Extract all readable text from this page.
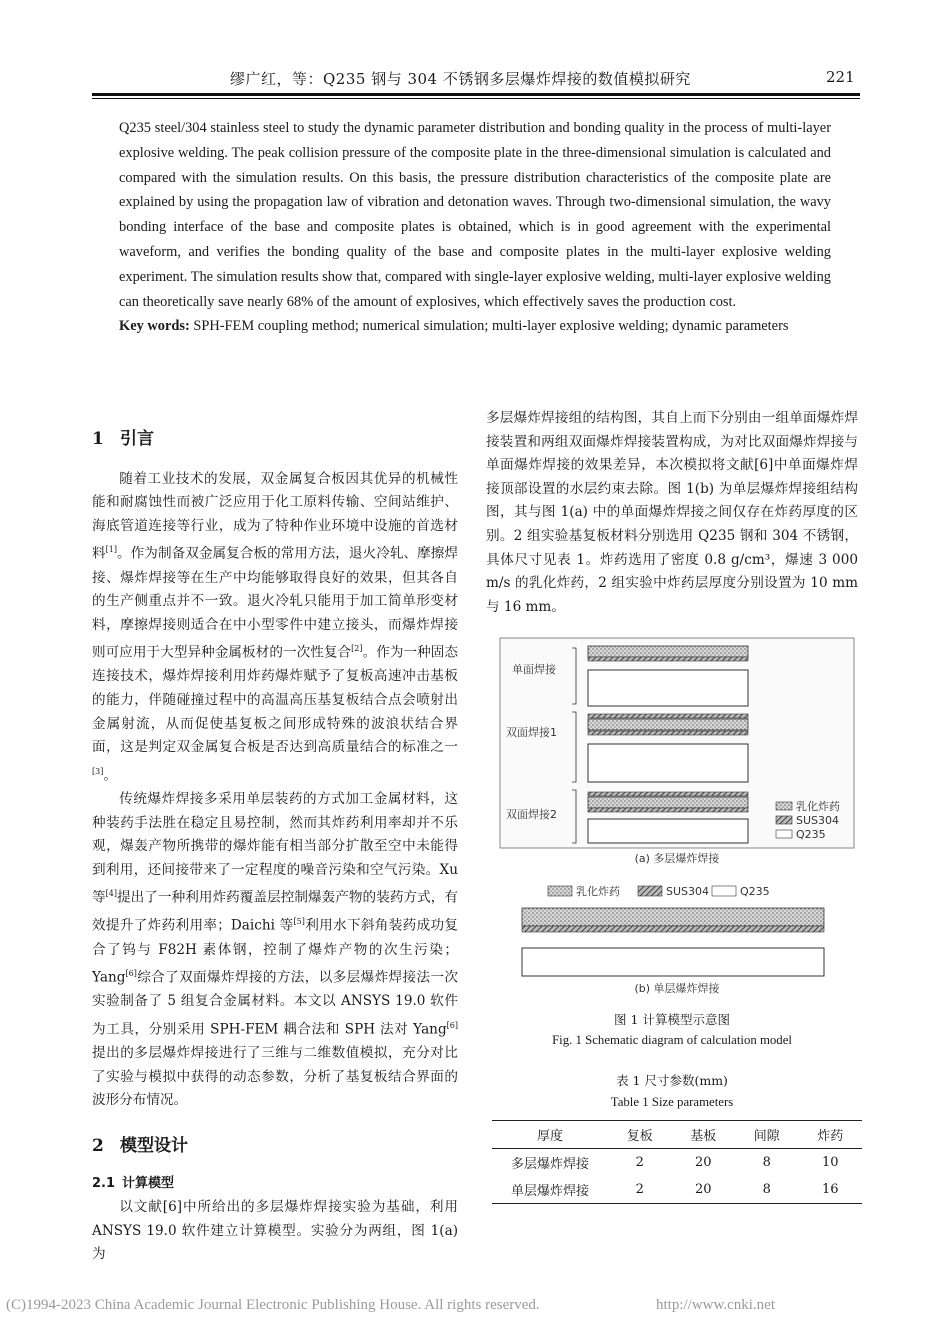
缪广红，等：Q235 钢与 304 不锈钢多层爆炸焊接的数值模拟研究	221
Q235 steel/304 stainless steel to study the dynamic parameter distribution and bonding quality in the process of multi-layer explosive welding. The peak collision pressure of the composite plate in the three-dimensional simulation is calculated and compared with the simulation results. On this basis, the pressure distribution characteristics of the composite plate are explained by using the propagation law of vibration and detonation waves. Through two-dimensional simulation, the wavy bonding interface of the base and composite plates is obtained, which is in good agreement with the experimental waveform, and verifies the bonding quality of the base and composite plates in the multi-layer explosive welding experiment. The simulation results show that, compared with single-layer explosive welding, multi-layer explosive welding can theoretically save nearly 68% of the amount of explosives, which effectively saves the production cost.
Key words: SPH-FEM coupling method; numerical simulation; multi-layer explosive welding; dynamic parameters
1 引言

随着工业技术的发展，双金属复合板因其优异的机械性能和耐腐蚀性而被广泛应用于化工原料传输、空间站维护、海底管道连接等行业，成为了特种作业环境中设施的首选材料[1]。作为制备双金属复合板的常用方法，退火冷轧、摩擦焊接、爆炸焊接等在生产中均能够取得良好的效果，但其各自的生产侧重点并不一致。退火冷轧只能用于加工简单形变材料，摩擦焊接则适合在中小型零件中建立接头，而爆炸焊接则可应用于大型异种金属板材的一次性复合[2]。作为一种固态连接技术，爆炸焊接利用炸药爆炸赋予了复板高速冲击基板的能力，伴随碰撞过程中的高温高压基复板结合点会喷射出金属射流，从而促使基复板之间形成特殊的波浪状结合界面，这是判定双金属复合板是否达到高质量结合的标准之一[3]。

传统爆炸焊接多采用单层装药的方式加工金属材料，这种装药手法胜在稳定且易控制，然而其炸药利用率却并不乐观，爆轰产物所携带的爆炸能有相当部分扩散至空中未能得到利用，还间接带来了一定程度的噪音污染和空气污染。Xu 等[4]提出了一种利用炸药覆盖层控制爆轰产物的装药方式，有效提升了炸药利用率；Daichi 等[5]利用水下斜角装药成功复合了钨与 F82H 素体钢，控制了爆炸产物的次生污染；Yang[6]综合了双面爆炸焊接的方法，以多层爆炸焊接法一次实验制备了 5 组复合金属材料。本文以 ANSYS 19.0 软件为工具，分别采用 SPH-FEM 耦合法和 SPH 法对 Yang[6]提出的多层爆炸焊接进行了三维与二维数值模拟，充分对比了实验与模拟中获得的动态参数，分析了基复板结合界面的波形分布情况。

2 模型设计
2.1 计算模型

以文献[6]中所给出的多层爆炸焊接实验为基础，利用 ANSYS 19.0 软件建立计算模型。实验分为两组，图 1(a) 为

多层爆炸焊接组的结构图，其自上而下分别由一组单面爆炸焊接装置和两组双面爆炸焊接装置构成，为对比双面爆炸焊接与单面爆炸焊接的效果差异，本次模拟将文献[6]中单面爆炸焊接顶部设置的水层约束去除。图 1(b) 为单层爆炸焊接组结构图，其与图 1(a) 中的单面爆炸焊接之间仅存在炸药厚度的区别。2 组实验基复板材料分别选用 Q235 钢和 304 不锈钢，具体尺寸见表 1。炸药选用了密度 0.8 g/cm³，爆速 3 000 m/s 的乳化炸药，2 组实验中炸药层厚度分别设置为 10 mm 与 16 mm。

单面焊接
双面焊接1
双面焊接2
乳化炸药
SUS304
Q235
(a) 多层爆炸焊接
乳化炸药	SUS304	Q235
(b) 单层爆炸焊接
图 1 计算模型示意图
Fig. 1 Schematic diagram of calculation model
表 1 尺寸参数(mm)
Table 1 Size parameters
厚度	复板	基板	间隙	炸药
多层爆炸焊接	2	20	8	10
单层爆炸焊接	2	20	8	16
(C)1994-2023 China Academic Journal Electronic Publishing House. All rights reserved.	http://www.cnki.net
